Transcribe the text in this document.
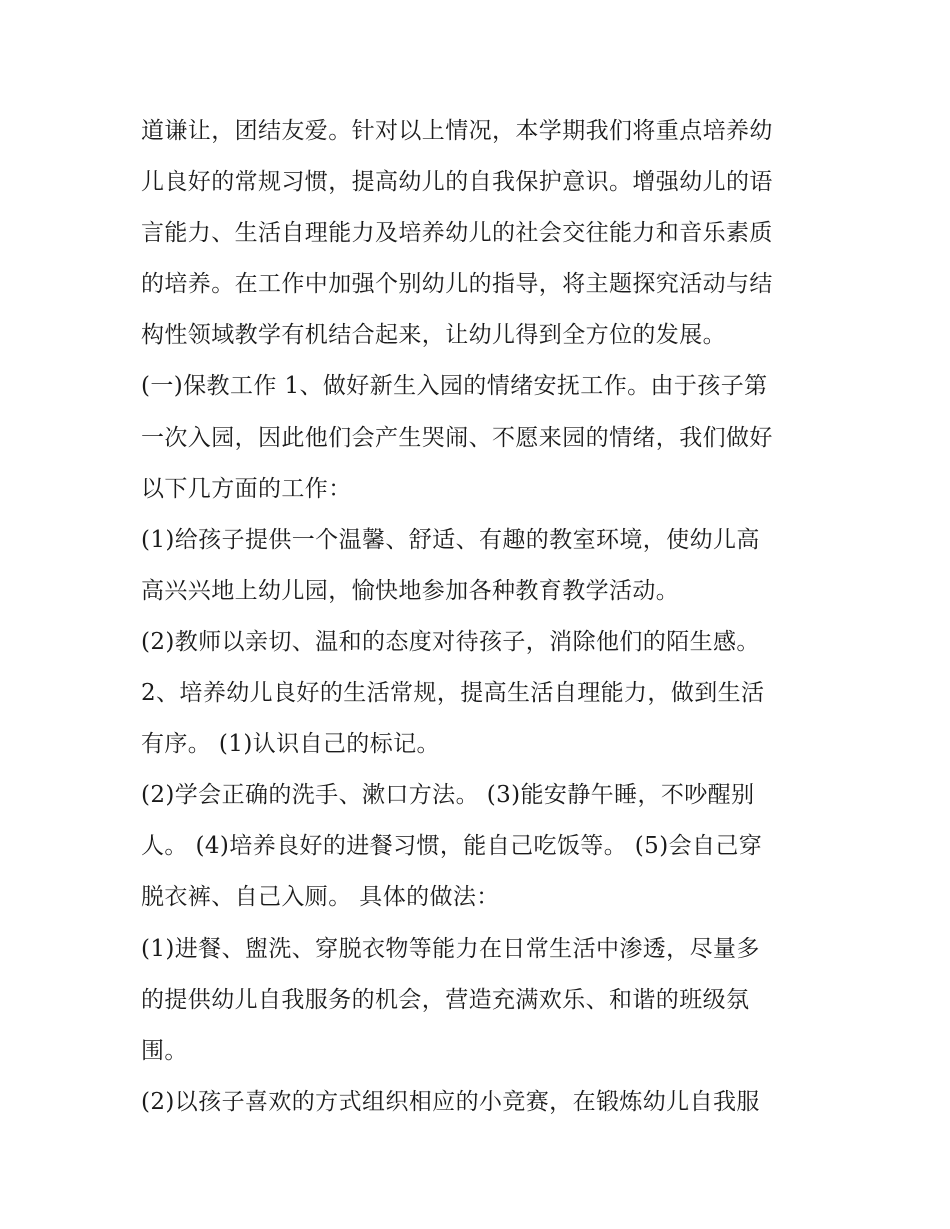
道谦让，团结友爱。针对以上情况，本学期我们将重点培养幼
儿良好的常规习惯，提高幼儿的自我保护意识。增强幼儿的语
言能力、生活自理能力及培养幼儿的社会交往能力和音乐素质
的培养。在工作中加强个别幼儿的指导，将主题探究活动与结
构性领域教学有机结合起来，让幼儿得到全方位的发展。
(一)保教工作 1、做好新生入园的情绪安抚工作。由于孩子第
一次入园，因此他们会产生哭闹、不愿来园的情绪，我们做好
以下几方面的工作：
(1)给孩子提供一个温馨、舒适、有趣的教室环境，使幼儿高
高兴兴地上幼儿园，愉快地参加各种教育教学活动。
(2)教师以亲切、温和的态度对待孩子，消除他们的陌生感。
2、培养幼儿良好的生活常规，提高生活自理能力，做到生活
有序。 (1)认识自己的标记。
(2)学会正确的洗手、漱口方法。 (3)能安静午睡，不吵醒别
人。 (4)培养良好的进餐习惯，能自己吃饭等。 (5)会自己穿
脱衣裤、自己入厕。 具体的做法：
(1)进餐、盥洗、穿脱衣物等能力在日常生活中渗透，尽量多
的提供幼儿自我服务的机会，营造充满欢乐、和谐的班级氛
围。
(2)以孩子喜欢的方式组织相应的小竞赛，在锻炼幼儿自我服
